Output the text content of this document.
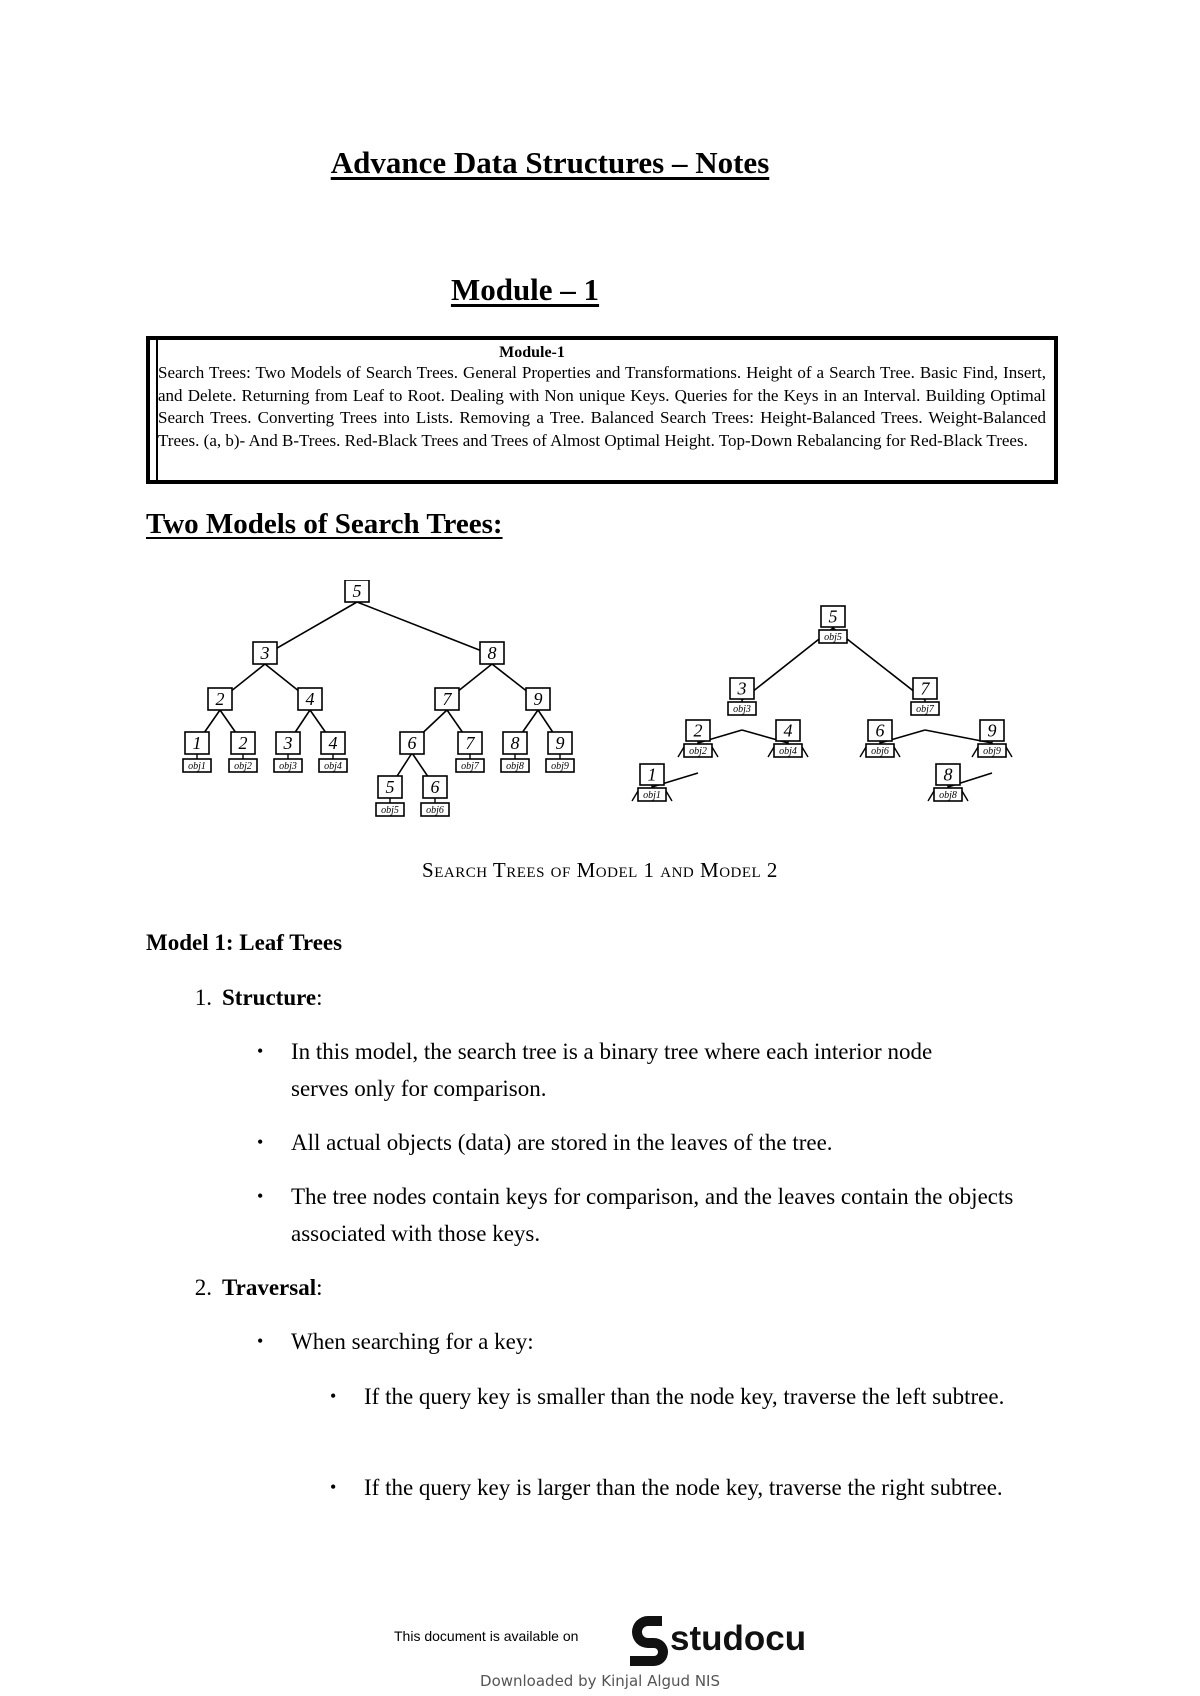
Advance Data Structures – Notes
Module – 1
Module-1
Search Trees: Two Models of Search Trees. General Properties and Transformations. Height of a Search Tree. Basic Find, Insert, and Delete. Returning from Leaf to Root. Dealing with Non unique Keys. Queries for the Keys in an Interval. Building Optimal Search Trees. Converting Trees into Lists. Removing a Tree. Balanced Search Trees: Height-Balanced Trees. Weight-Balanced Trees. (a, b)- And B-Trees. Red-Black Trees and Trees of Almost Optimal Height. Top-Down Rebalancing for Red-Black Trees.
Two Models of Search Trees:
5
3	8
2	4	7	9
1 2 3 4	6	7 8 9
5 6
obj1	obj2	obj3	obj4	obj7	obj8	obj9
obj5	obj6
5
obj5
3
obj3
7
obj7
2
obj2
4
obj4
6
obj6
9
obj9
1
obj1
8
obj8
Search Trees of Model 1 and Model 2
Model 1: Leaf Trees
1. Structure:
• In this model, the search tree is a binary tree where each interior node serves only for comparison.
• All actual objects (data) are stored in the leaves of the tree.
• The tree nodes contain keys for comparison, and the leaves contain the objects associated with those keys.
2. Traversal:
• When searching for a key:
• If the query key is smaller than the node key, traverse the left subtree.
• If the query key is larger than the node key, traverse the right subtree.
This document is available on	studocu
Downloaded by Kinjal Algud NIS
